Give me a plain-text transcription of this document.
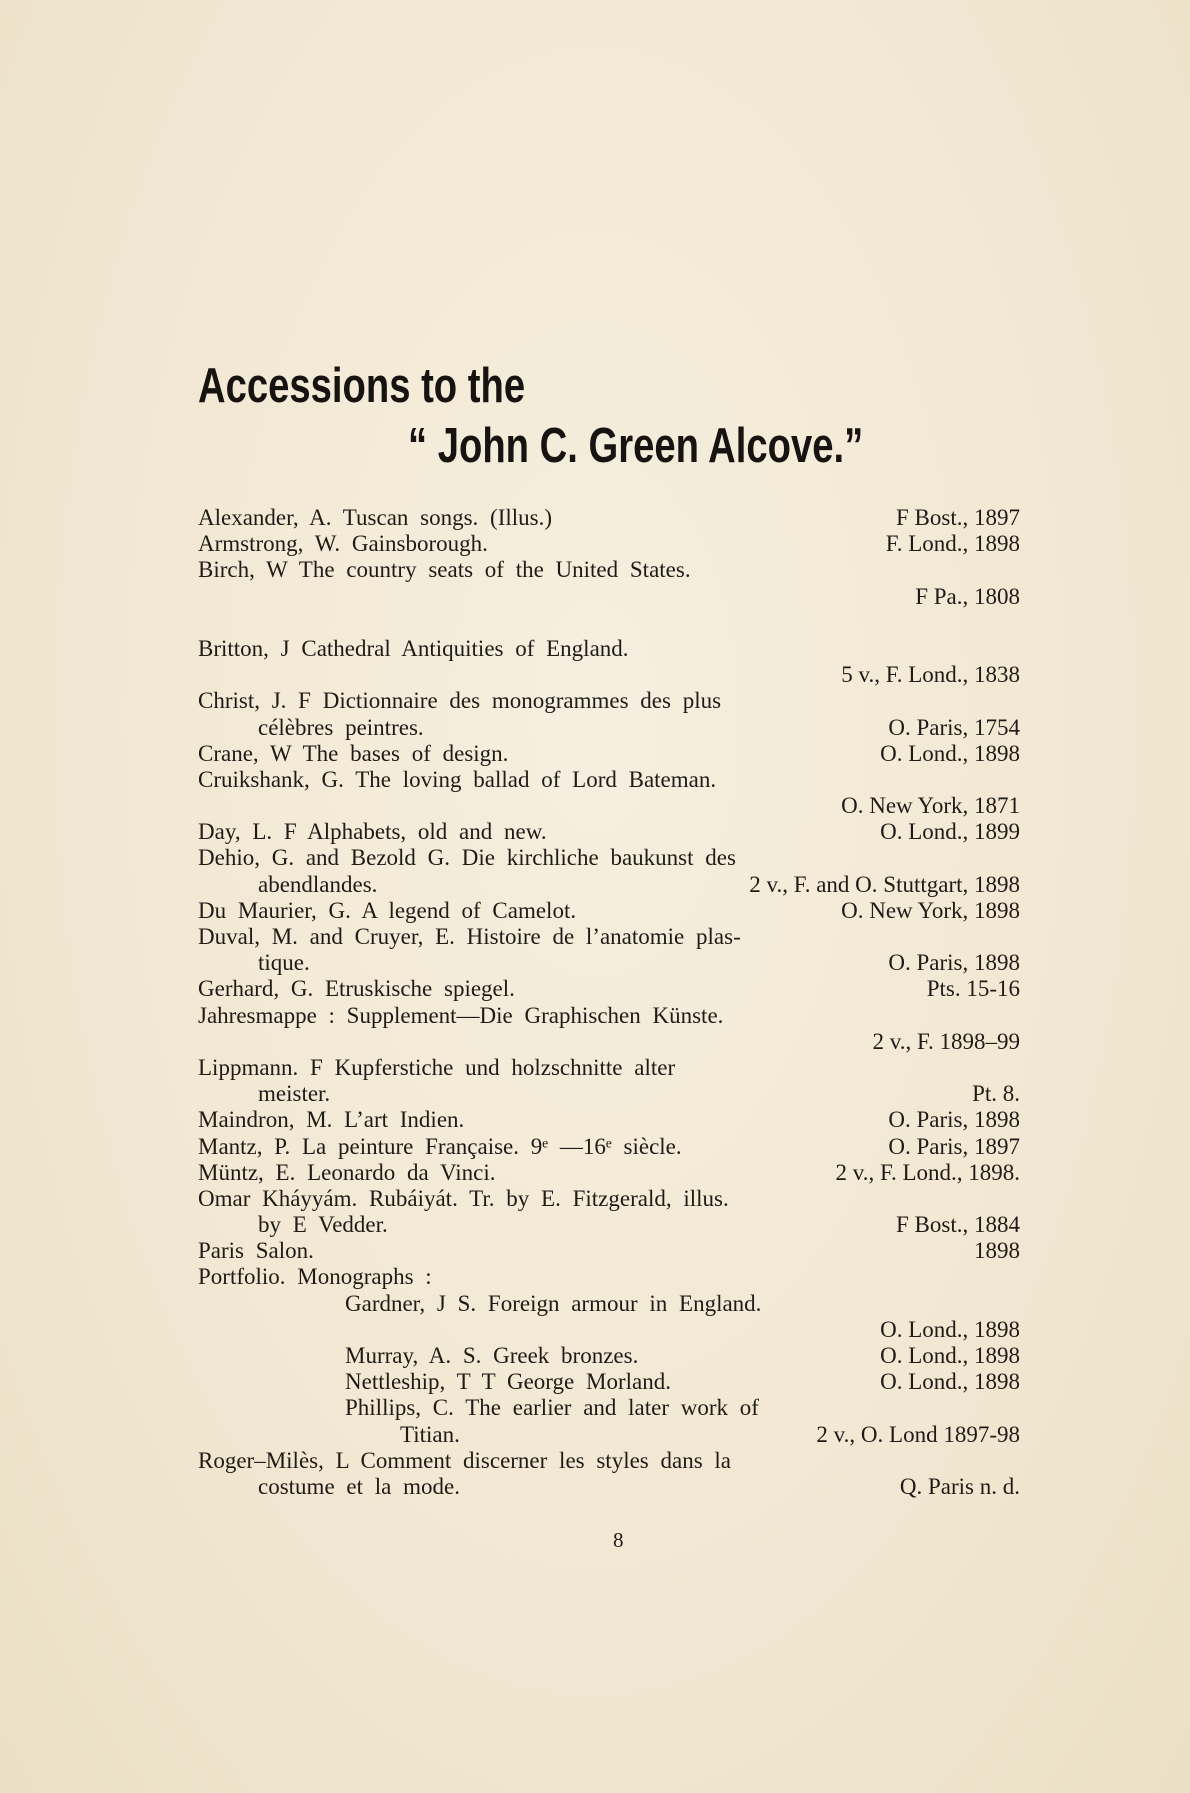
Accessions to the
“ John C. Green Alcove.”
Alexander, A. Tuscan songs. (Illus.)	F Bost., 1897
Armstrong, W. Gainsborough.	F. Lond., 1898
Birch, W The country seats of the United States.
F Pa., 1808
Britton, J Cathedral Antiquities of England.
5 v., F. Lond., 1838
Christ, J. F Dictionnaire des monogrammes des plus
célèbres peintres.	O. Paris, 1754
Crane, W The bases of design.	O. Lond., 1898
Cruikshank, G. The loving ballad of Lord Bateman.
O. New York, 1871
Day, L. F Alphabets, old and new.	O. Lond., 1899
Dehio, G. and Bezold G. Die kirchliche baukunst des
abendlandes.	2 v., F. and O. Stuttgart, 1898
Du Maurier, G. A legend of Camelot.	O. New York, 1898
Duval, M. and Cruyer, E. Histoire de l’anatomie plas-
tique.	O. Paris, 1898
Gerhard, G. Etruskische spiegel.	Pts. 15-16
Jahresmappe : Supplement—Die Graphischen Künste.
2 v., F. 1898–99
Lippmann. F Kupferstiche und holzschnitte alter
meister.	Pt. 8.
Maindron, M. L’art Indien.	O. Paris, 1898
Mantz, P. La peinture Française. 9ᵉ —16ᵉ siècle.	O. Paris, 1897
Müntz, E. Leonardo da Vinci.	2 v., F. Lond., 1898.
Omar Kháyyám. Rubáiyát. Tr. by E. Fitzgerald, illus.
by E Vedder.	F Bost., 1884
Paris Salon.	1898
Portfolio. Monographs :
Gardner, J S. Foreign armour in England.
O. Lond., 1898
Murray, A. S. Greek bronzes.	O. Lond., 1898
Nettleship, T T George Morland.	O. Lond., 1898
Phillips, C. The earlier and later work of
Titian.	2 v., O. Lond 1897-98
Roger–Milès, L Comment discerner les styles dans la
costume et la mode.	Q. Paris n. d.
8
